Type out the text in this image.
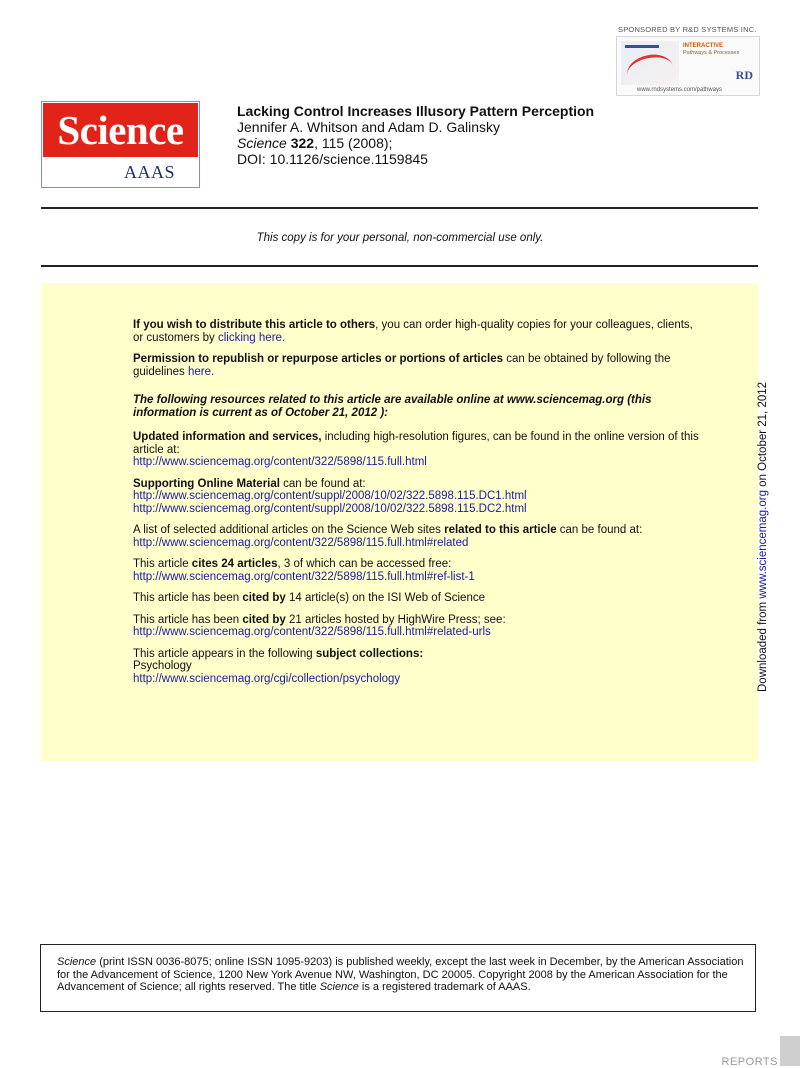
SPONSORED BY R&D SYSTEMS INC.
INTERACTIVE
Pathways & Processes
RD
www.rndsystems.com/pathways
Science
AAAS
Lacking Control Increases Illusory Pattern Perception
Jennifer A. Whitson and Adam D. Galinsky
Science 322, 115 (2008);
DOI: 10.1126/science.1159845
This copy is for your personal, non-commercial use only.

If you wish to distribute this article to others, you can order high-quality copies for your colleagues, clients, or customers by clicking here.

Permission to republish or repurpose articles or portions of articles can be obtained by following the guidelines here.

The following resources related to this article are available online at www.sciencemag.org (this information is current as of October 21, 2012 ):

Updated information and services, including high-resolution figures, can be found in the online version of this article at:
http://www.sciencemag.org/content/322/5898/115.full.html

Supporting Online Material can be found at:
http://www.sciencemag.org/content/suppl/2008/10/02/322.5898.115.DC1.html
http://www.sciencemag.org/content/suppl/2008/10/02/322.5898.115.DC2.html

A list of selected additional articles on the Science Web sites related to this article can be found at:
http://www.sciencemag.org/content/322/5898/115.full.html#related

This article cites 24 articles, 3 of which can be accessed free:
http://www.sciencemag.org/content/322/5898/115.full.html#ref-list-1

This article has been cited by 14 article(s) on the ISI Web of Science

This article has been cited by 21 articles hosted by HighWire Press; see:
http://www.sciencemag.org/content/322/5898/115.full.html#related-urls

This article appears in the following subject collections:
Psychology
http://www.sciencemag.org/cgi/collection/psychology	Downloaded from www.sciencemag.org on October 21, 2012
Science (print ISSN 0036-8075; online ISSN 1095-9203) is published weekly, except the last week in December, by the American Association for the Advancement of Science, 1200 New York Avenue NW, Washington, DC 20005. Copyright 2008 by the American Association for the Advancement of Science; all rights reserved. The title Science is a registered trademark of AAAS.
REPORTS
